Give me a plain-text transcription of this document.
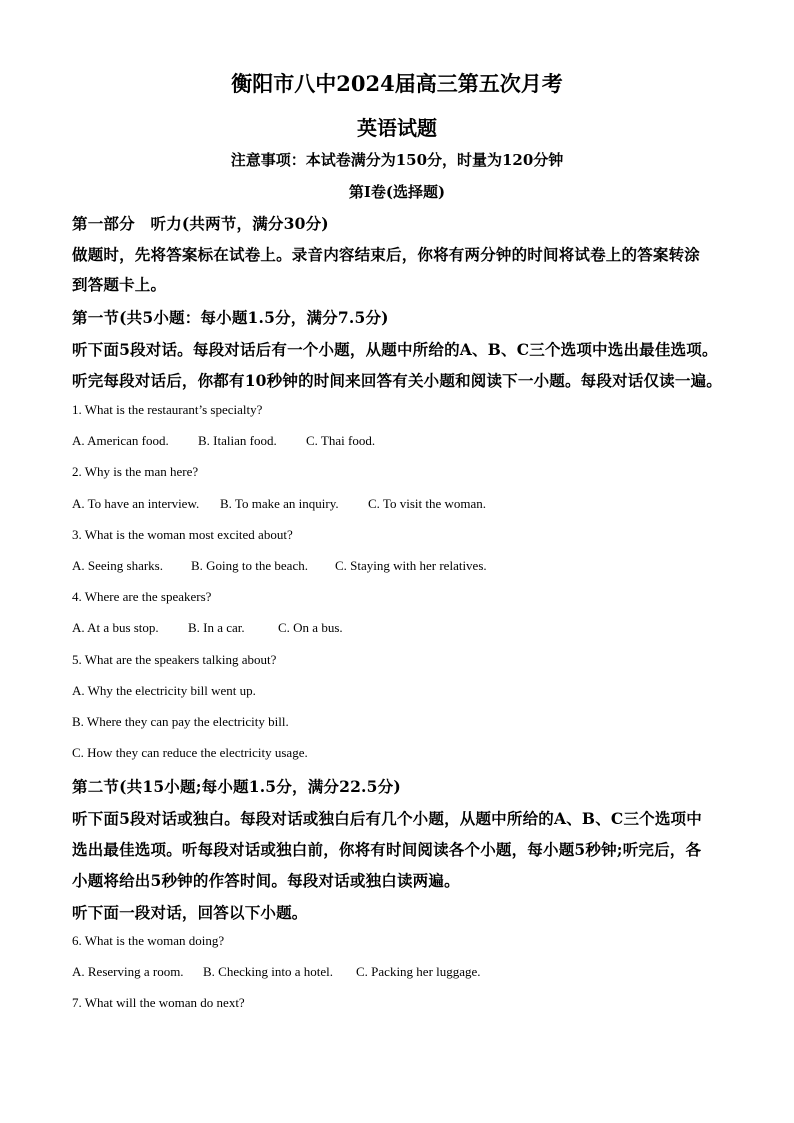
衡阳市八中2024届高三第五次月考
英语试题
注意事项：本试卷满分为150分，时量为120分钟
第Ⅰ卷(选择题)
第一部分　听力(共两节，满分30分)
做题时，先将答案标在试卷上。录音内容结束后，你将有两分钟的时间将试卷上的答案转涂
到答题卡上。
第一节(共5小题：每小题1.5分，满分7.5分)
听下面5段对话。每段对话后有一个小题，从题中所给的A、B、C三个选项中选出最佳选项。
听完每段对话后，你都有10秒钟的时间来回答有关小题和阅读下一小题。每段对话仅读一遍。
1. What is the restaurant’s specialty?
A. American food. B. Italian food. C. Thai food.
2. Why is the man here?
A. To have an interview. B. To make an inquiry. C. To visit the woman.
3. What is the woman most excited about?
A. Seeing sharks. B. Going to the beach. C. Staying with her relatives.
4. Where are the speakers?
A. At a bus stop. B. In a car.	C. On a bus.
5. What are the speakers talking about?
A. Why the electricity bill went up.
B. Where they can pay the electricity bill.
C. How they can reduce the electricity usage.
第二节(共15小题;每小题1.5分，满分22.5分)
听下面5段对话或独白。每段对话或独白后有几个小题，从题中所给的A、B、C三个选项中
选出最佳选项。听每段对话或独白前，你将有时间阅读各个小题，每小题5秒钟;听完后，各
小题将给出5秒钟的作答时间。每段对话或独白读两遍。
听下面一段对话，回答以下小题。
6. What is the woman doing?
A. Reserving a room. B. Checking into a hotel. C. Packing her luggage.
7. What will the woman do next?
